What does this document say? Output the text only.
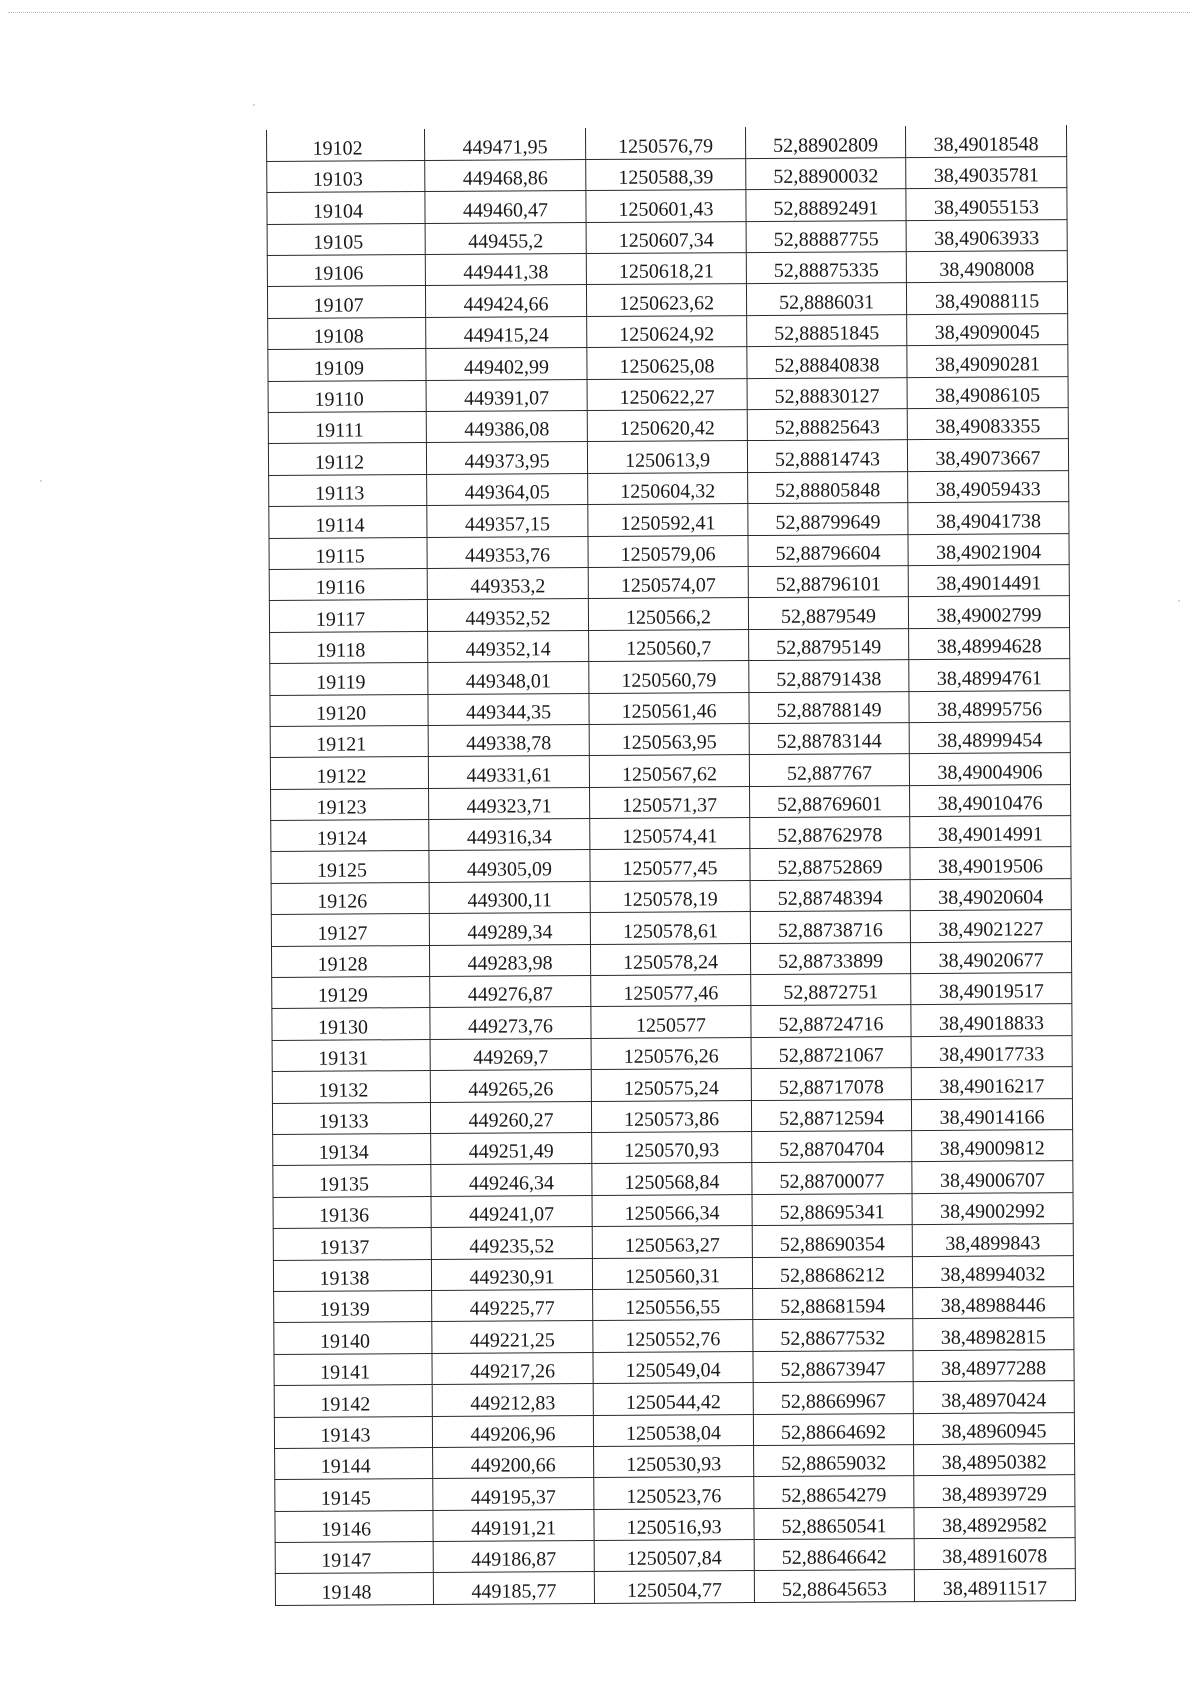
19102	449471,95	1250576,79	52,88902809	38,49018548
19103	449468,86	1250588,39	52,88900032	38,49035781
19104	449460,47	1250601,43	52,88892491	38,49055153
19105	449455,2	1250607,34	52,88887755	38,49063933
19106	449441,38	1250618,21	52,88875335	38,4908008
19107	449424,66	1250623,62	52,8886031	38,49088115
19108	449415,24	1250624,92	52,88851845	38,49090045
19109	449402,99	1250625,08	52,88840838	38,49090281
19110	449391,07	1250622,27	52,88830127	38,49086105
19111	449386,08	1250620,42	52,88825643	38,49083355
19112	449373,95	1250613,9	52,88814743	38,49073667
19113	449364,05	1250604,32	52,88805848	38,49059433
19114	449357,15	1250592,41	52,88799649	38,49041738
19115	449353,76	1250579,06	52,88796604	38,49021904
19116	449353,2	1250574,07	52,88796101	38,49014491
19117	449352,52	1250566,2	52,8879549	38,49002799
19118	449352,14	1250560,7	52,88795149	38,48994628
19119	449348,01	1250560,79	52,88791438	38,48994761
19120	449344,35	1250561,46	52,88788149	38,48995756
19121	449338,78	1250563,95	52,88783144	38,48999454
19122	449331,61	1250567,62	52,887767	38,49004906
19123	449323,71	1250571,37	52,88769601	38,49010476
19124	449316,34	1250574,41	52,88762978	38,49014991
19125	449305,09	1250577,45	52,88752869	38,49019506
19126	449300,11	1250578,19	52,88748394	38,49020604
19127	449289,34	1250578,61	52,88738716	38,49021227
19128	449283,98	1250578,24	52,88733899	38,49020677
19129	449276,87	1250577,46	52,8872751	38,49019517
19130	449273,76	1250577	52,88724716	38,49018833
19131	449269,7	1250576,26	52,88721067	38,49017733
19132	449265,26	1250575,24	52,88717078	38,49016217
19133	449260,27	1250573,86	52,88712594	38,49014166
19134	449251,49	1250570,93	52,88704704	38,49009812
19135	449246,34	1250568,84	52,88700077	38,49006707
19136	449241,07	1250566,34	52,88695341	38,49002992
19137	449235,52	1250563,27	52,88690354	38,4899843
19138	449230,91	1250560,31	52,88686212	38,48994032
19139	449225,77	1250556,55	52,88681594	38,48988446
19140	449221,25	1250552,76	52,88677532	38,48982815
19141	449217,26	1250549,04	52,88673947	38,48977288
19142	449212,83	1250544,42	52,88669967	38,48970424
19143	449206,96	1250538,04	52,88664692	38,48960945
19144	449200,66	1250530,93	52,88659032	38,48950382
19145	449195,37	1250523,76	52,88654279	38,48939729
19146	449191,21	1250516,93	52,88650541	38,48929582
19147	449186,87	1250507,84	52,88646642	38,48916078
19148	449185,77	1250504,77	52,88645653	38,48911517
